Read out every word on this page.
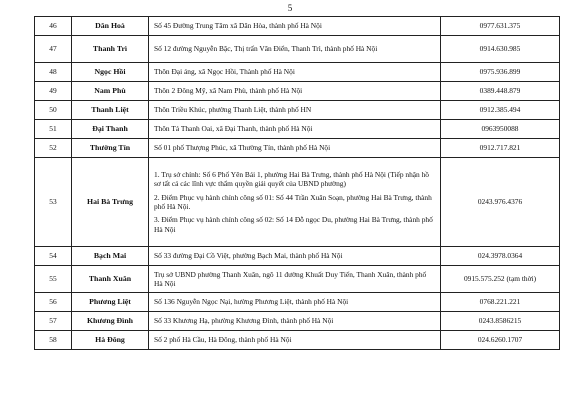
5
46	Dân Hoà	Số 45 Đường Trung Tâm xã Dân Hòa, thành phố Hà Nội	0977.631.375
47	Thanh Trì	Số 12 đường Nguyễn Bặc, Thị trấn Văn Điển, Thanh Trì, thành phố Hà Nội	0914.630.985
48	Ngọc Hồi	Thôn Đại áng, xã Ngọc Hồi, Thành phố Hà Nội	0975.936.899
49	Nam Phù	Thôn 2 Đông Mỹ, xã Nam Phù, thành phố Hà Nội	0389.448.879
50	Thanh Liệt	Thôn Triều Khúc, phường Thanh Liệt, thành phố HN	0912.385.494
51	Đại Thanh	Thôn Tả Thanh Oai, xã Đại Thanh, thành phố Hà Nội	0963950088
52	Thường Tín	Số 01 phố Thượng Phúc, xã Thường Tín, thành phố Hà Nội	0912.717.821
53	Hai Bà Trưng	1. Trụ sở chính: Số 6 Phố Yên Bái 1, phường Hai Bà Trưng, thành phố Hà Nội (Tiếp nhận hồ sơ tất cả các lĩnh vực thẩm quyền giải quyết của UBND phường)

2. Điểm Phục vụ hành chính công số 01: Số 44 Trần Xuân Soạn, phường Hai Bà Trưng, thành phố Hà Nội.

3. Điểm Phục vụ hành chính công số 02: Số 14 Đỗ ngọc Du, phường Hai Bà Trưng, thành phố Hà Nội	0243.976.4376
54	Bạch Mai	Số 33 đường Đại Cồ Việt, phường Bạch Mai, thành phố Hà Nội	024.3978.0364
55	Thanh Xuân	Trụ sở UBND phường Thanh Xuân, ngõ 11 đường Khuất Duy Tiến, Thanh Xuân, thành phố Hà Nội	0915.575.252 (tạm thời)
56	Phương Liệt	Số 136 Nguyễn Ngọc Nại, hường Phương Liệt, thành phố Hà Nội	0768.221.221
57	Khương Đình	Số 33 Khương Hạ, phường Khương Đình, thành phố Hà Nội	0243.8586215
58	Hà Đông	Số 2 phố Hà Cầu, Hà Đông, thành phố Hà Nội	024.6260.1707
